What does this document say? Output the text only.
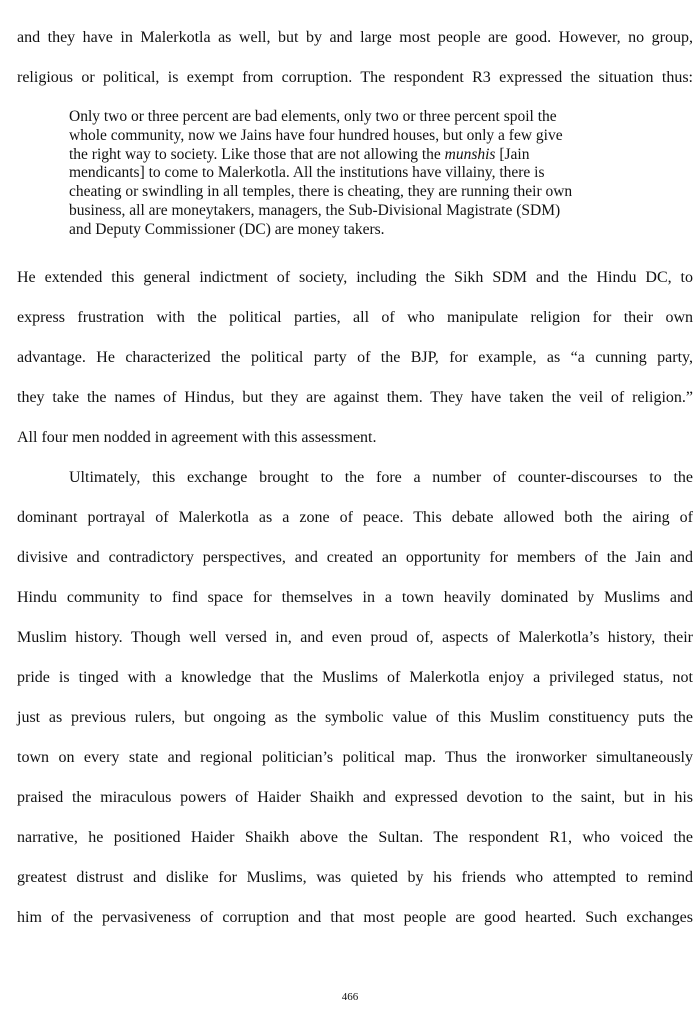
and they have in Malerkotla as well, but by and large most people are good. However, no group,
religious or political, is exempt from corruption. The respondent R3 expressed the situation thus:
Only two or three percent are bad elements, only two or three percent spoil the
whole community, now we Jains have four hundred houses, but only a few give
the right way to society. Like those that are not allowing the munshis [Jain
mendicants] to come to Malerkotla. All the institutions have villainy, there is
cheating or swindling in all temples, there is cheating, they are running their own
business, all are moneytakers, managers, the Sub-Divisional Magistrate (SDM)
and Deputy Commissioner (DC) are money takers.
He extended this general indictment of society, including the Sikh SDM and the Hindu DC, to
express frustration with the political parties, all of who manipulate religion for their own
advantage. He characterized the political party of the BJP, for example, as “a cunning party,
they take the names of Hindus, but they are against them. They have taken the veil of religion.”
All four men nodded in agreement with this assessment.
Ultimately, this exchange brought to the fore a number of counter-discourses to the
dominant portrayal of Malerkotla as a zone of peace. This debate allowed both the airing of
divisive and contradictory perspectives, and created an opportunity for members of the Jain and
Hindu community to find space for themselves in a town heavily dominated by Muslims and
Muslim history. Though well versed in, and even proud of, aspects of Malerkotla’s history, their
pride is tinged with a knowledge that the Muslims of Malerkotla enjoy a privileged status, not
just as previous rulers, but ongoing as the symbolic value of this Muslim constituency puts the
town on every state and regional politician’s political map. Thus the ironworker simultaneously
praised the miraculous powers of Haider Shaikh and expressed devotion to the saint, but in his
narrative, he positioned Haider Shaikh above the Sultan. The respondent R1, who voiced the
greatest distrust and dislike for Muslims, was quieted by his friends who attempted to remind
him of the pervasiveness of corruption and that most people are good hearted. Such exchanges
466
